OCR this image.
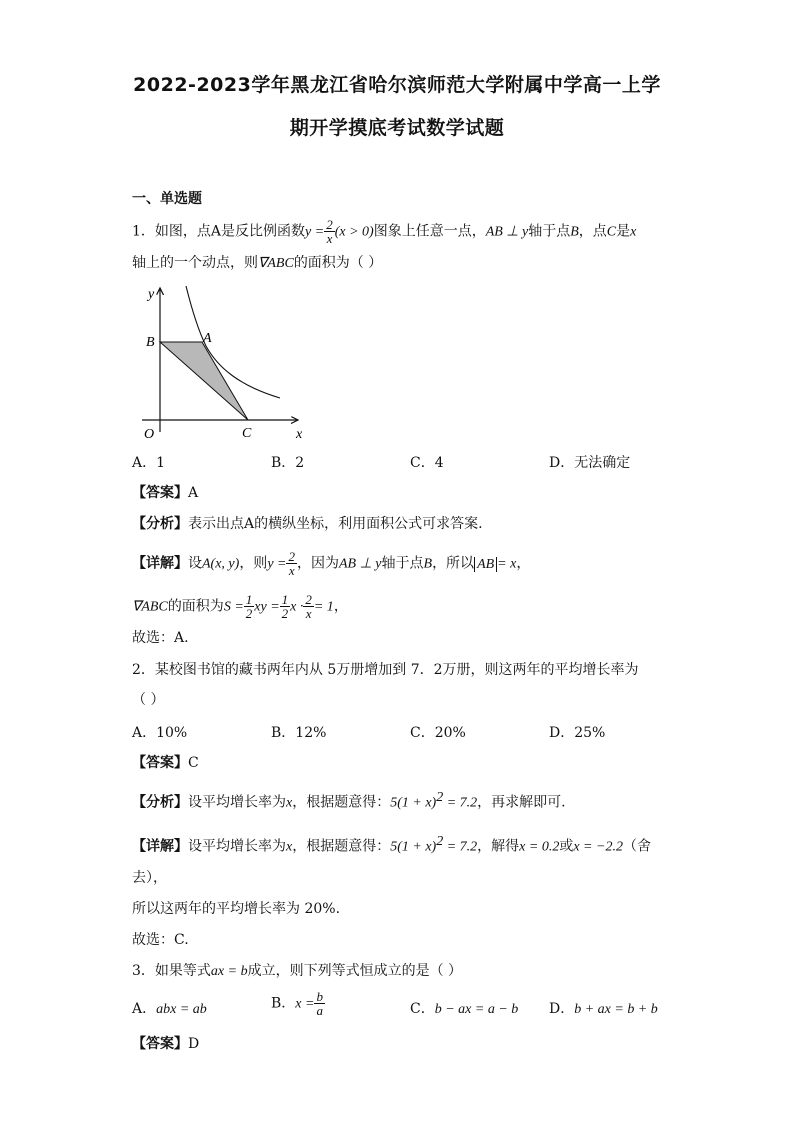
2022-2023学年黑龙江省哈尔滨师范大学附属中学高一上学
期开学摸底考试数学试题
一、单选题
1．如图，点A是反比例函数$y = \frac{2}{x} (x > 0)$图象上任意一点，AB ⊥ y轴于点B，点C是x
轴上的一个动点，则∇ABC的面积为（ ）
y
x
O
B	A
C
A．1	B．2	C．4	D．无法确定
【答案】A
【分析】表示出点A的横纵坐标，利用面积公式可求答案.
【详解】设A(x, y)，则$y = \frac{2}{x}$ ，因为AB ⊥ y轴于点B，所以 AB = x，
∇ABC的面积为$S = \frac{1}{2}$ xy = $\frac{1}{2}$ $x \cdot \frac{2}{x} = 1$，
故选：A.
2．某校图书馆的藏书两年内从 5万册增加到 7．2万册，则这两年的平均增长率为
（ ）
A．10%	B．12%	C．20%	D．25%
【答案】C
【分析】设平均增长率为x，根据题意得：$5(1 + x)^2 = 7.2$，再求解即可.
【详解】设平均增长率为x，根据题意得：$5(1 + x)^2 = 7.2$，解得x = 0.2或x = −2.2（舍
去），
所以这两年的平均增长率为 20%.
故选：C.
3．如果等式ax = b成立，则下列等式恒成立的是（ ）
A．abx = ab	B．$x = \frac{b}{a}$	C．b − ax = a − b D．b + ax = b + b
【答案】D
